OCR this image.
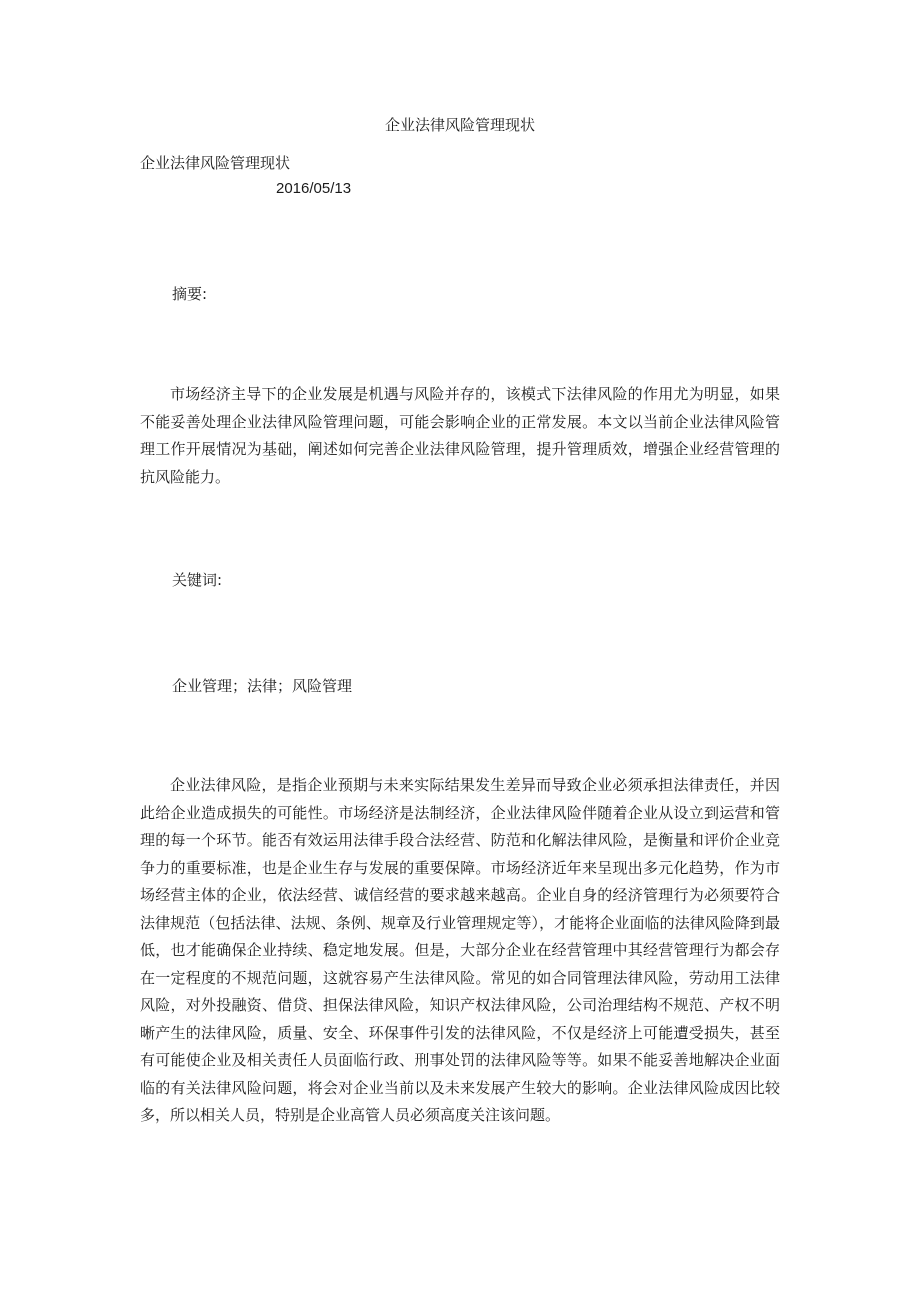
企业法律风险管理现状

企业法律风险管理现状

2016/05/13

摘要:

市场经济主导下的企业发展是机遇与风险并存的，该模式下法律风险的作用尤为明显，如果不能妥善处理企业法律风险管理问题，可能会影响企业的正常发展。本文以当前企业法律风险管理工作开展情况为基础，阐述如何完善企业法律风险管理，提升管理质效，增强企业经营管理的抗风险能力。

关键词:

企业管理；法律；风险管理

企业法律风险，是指企业预期与未来实际结果发生差异而导致企业必须承担法律责任，并因此给企业造成损失的可能性。市场经济是法制经济，企业法律风险伴随着企业从设立到运营和管理的每一个环节。能否有效运用法律手段合法经营、防范和化解法律风险，是衡量和评价企业竞争力的重要标准，也是企业生存与发展的重要保障。市场经济近年来呈现出多元化趋势，作为市场经营主体的企业，依法经营、诚信经营的要求越来越高。企业自身的经济管理行为必须要符合法律规范（包括法律、法规、条例、规章及行业管理规定等），才能将企业面临的法律风险降到最低，也才能确保企业持续、稳定地发展。但是，大部分企业在经营管理中其经营管理行为都会存在一定程度的不规范问题，这就容易产生法律风险。常见的如合同管理法律风险，劳动用工法律风险，对外投融资、借贷、担保法律风险，知识产权法律风险，公司治理结构不规范、产权不明晰产生的法律风险，质量、安全、环保事件引发的法律风险，不仅是经济上可能遭受损失，甚至有可能使企业及相关责任人员面临行政、刑事处罚的法律风险等等。如果不能妥善地解决企业面临的有关法律风险问题，将会对企业当前以及未来发展产生较大的影响。企业法律风险成因比较多，所以相关人员，特别是企业高管人员必须高度关注该问题。
